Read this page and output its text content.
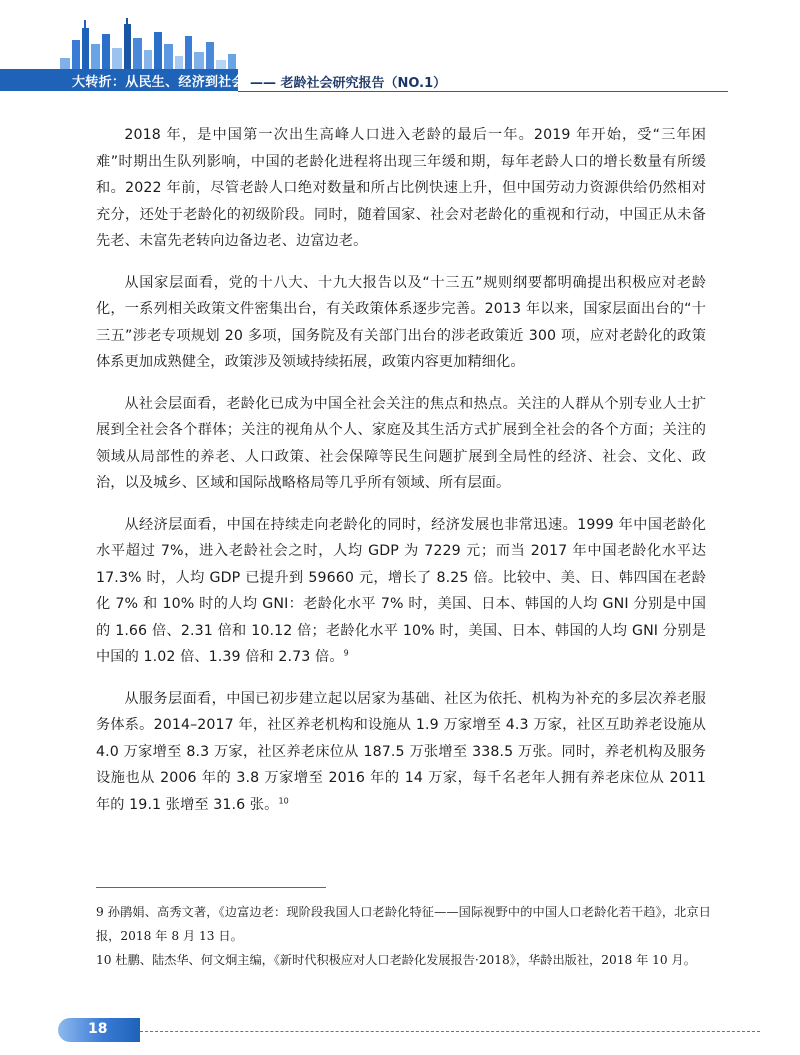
大转折：从民生、经济到社会 —— 老龄社会研究报告（NO.1）

2018 年，是中国第一次出生高峰人口进入老龄的最后一年。2019 年开始，受“三年困难”时期出生队列影响，中国的老龄化进程将出现三年缓和期，每年老龄人口的增长数量有所缓和。2022 年前，尽管老龄人口绝对数量和所占比例快速上升，但中国劳动力资源供给仍然相对充分，还处于老龄化的初级阶段。同时，随着国家、社会对老龄化的重视和行动，中国正从未备先老、未富先老转向边备边老、边富边老。

从国家层面看，党的十八大、十九大报告以及“十三五”规则纲要都明确提出积极应对老龄化，一系列相关政策文件密集出台，有关政策体系逐步完善。2013 年以来，国家层面出台的“十三五”涉老专项规划 20 多项，国务院及有关部门出台的涉老政策近 300 项，应对老龄化的政策体系更加成熟健全，政策涉及领域持续拓展，政策内容更加精细化。

从社会层面看，老龄化已成为中国全社会关注的焦点和热点。关注的人群从个别专业人士扩展到全社会各个群体；关注的视角从个人、家庭及其生活方式扩展到全社会的各个方面；关注的领域从局部性的养老、人口政策、社会保障等民生问题扩展到全局性的经济、社会、文化、政治，以及城乡、区域和国际战略格局等几乎所有领域、所有层面。

从经济层面看，中国在持续走向老龄化的同时，经济发展也非常迅速。1999 年中国老龄化水平超过 7%，进入老龄社会之时，人均 GDP 为 7229 元；而当 2017 年中国老龄化水平达 17.3% 时，人均 GDP 已提升到 59660 元，增长了 8.25 倍。比较中、美、日、韩四国在老龄化 7% 和 10% 时的人均 GNI：老龄化水平 7% 时，美国、日本、韩国的人均 GNI 分别是中国的 1.66 倍、2.31 倍和 10.12 倍；老龄化水平 10% 时，美国、日本、韩国的人均 GNI 分别是中国的 1.02 倍、1.39 倍和 2.73 倍。$^9$

从服务层面看，中国已初步建立起以居家为基础、社区为依托、机构为补充的多层次养老服务体系。2014–2017 年，社区养老机构和设施从 1.9 万家增至 4.3 万家，社区互助养老设施从 4.0 万家增至 8.3 万家，社区养老床位从 187.5 万张增至 338.5 万张。同时，养老机构及服务设施也从 2006 年的 3.8 万家增至 2016 年的 14 万家，每千名老年人拥有养老床位从 2011 年的 19.1 张增至 31.6 张。$^{10}$

9 孙鹃娟、高秀文著，《边富边老：现阶段我国人口老龄化特征——国际视野中的中国人口老龄化若干趋》，北京日报，2018 年 8 月 13 日。

10 杜鹏、陆杰华、何文炯主编，《新时代积极应对人口老龄化发展报告·2018》，华龄出版社，2018 年 10 月。

18
